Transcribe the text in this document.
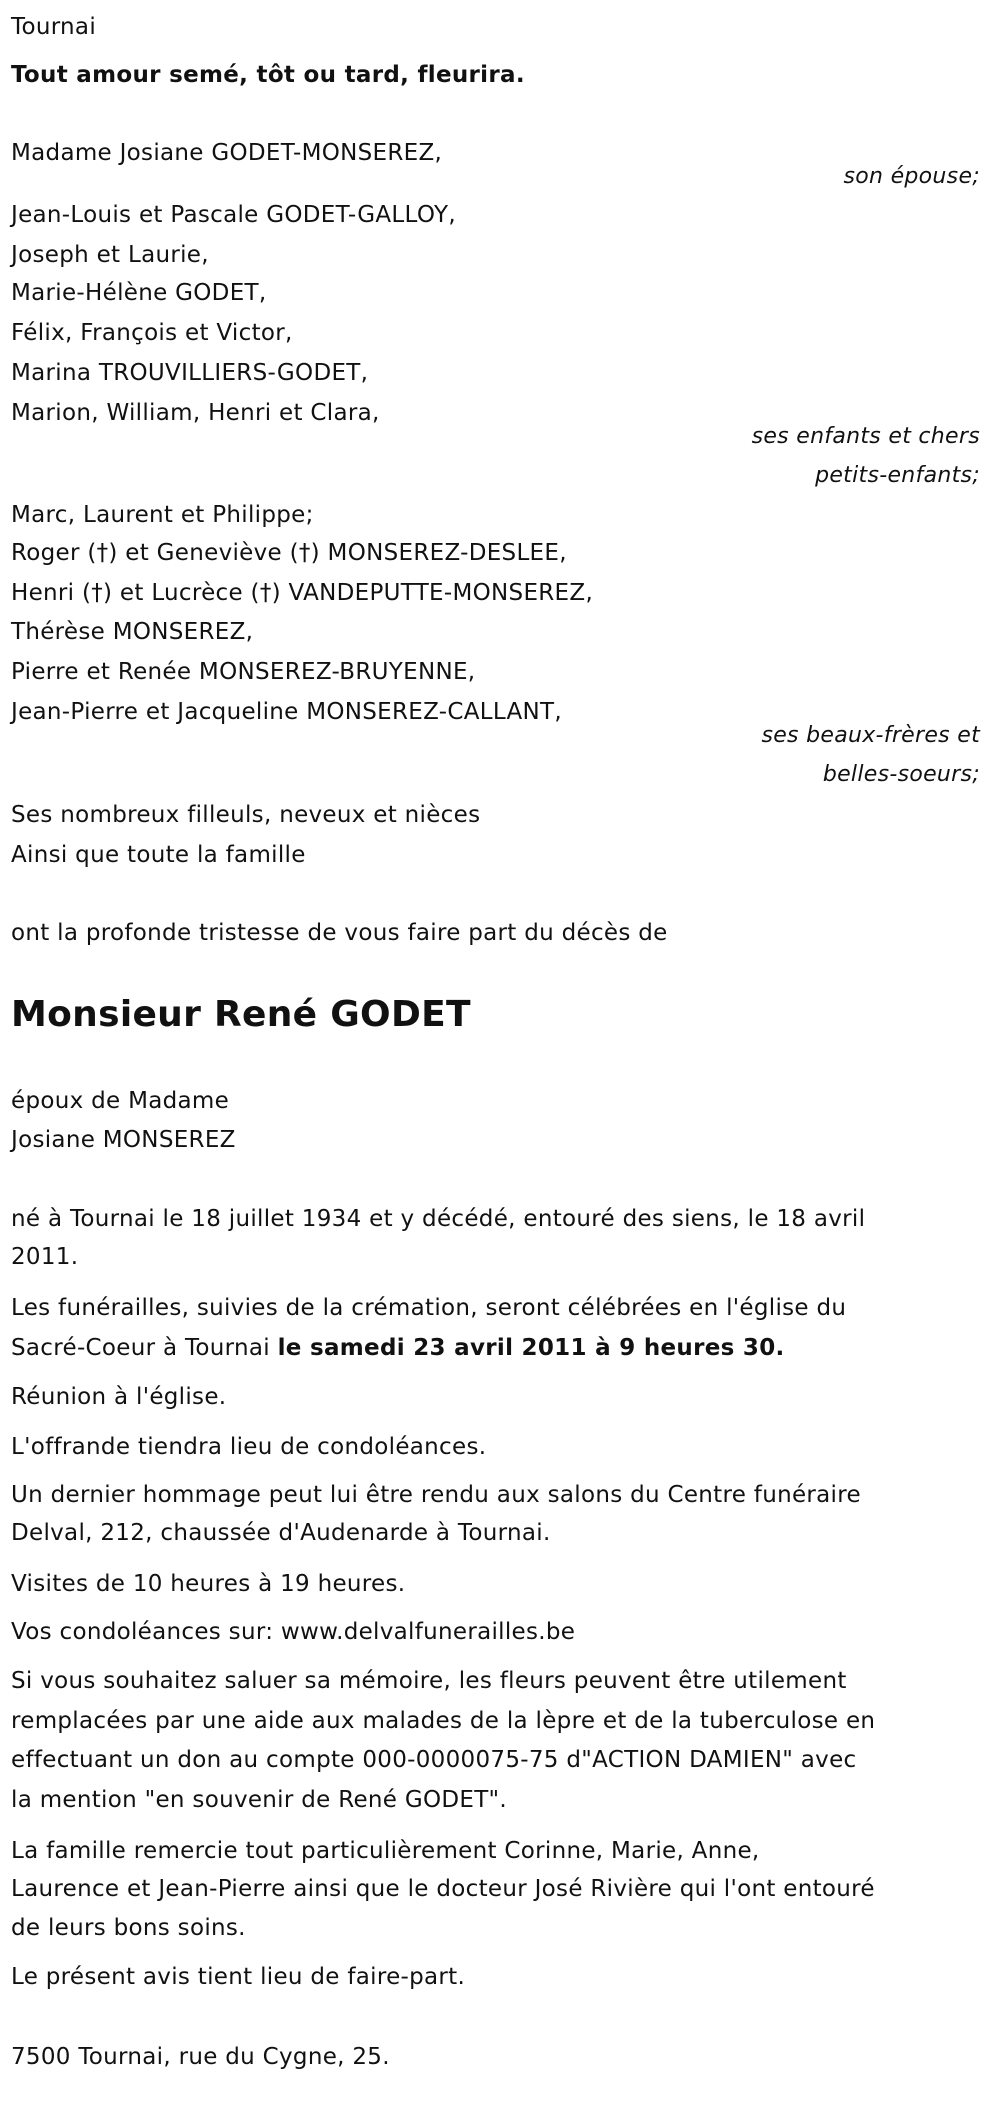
Tournai
Tout amour semé, tôt ou tard, fleurira.
Madame Josiane GODET-MONSEREZ,
son épouse;
Jean-Louis et Pascale GODET-GALLOY,
Joseph et Laurie,
Marie-Hélène GODET,
Félix, François et Victor,
Marina TROUVILLIERS-GODET,
Marion, William, Henri et Clara,
ses enfants et chers
petits-enfants;
Marc, Laurent et Philippe;
Roger (†) et Geneviève (†) MONSEREZ-DESLEE,
Henri (†) et Lucrèce (†) VANDEPUTTE-MONSEREZ,
Thérèse MONSEREZ,
Pierre et Renée MONSEREZ-BRUYENNE,
Jean-Pierre et Jacqueline MONSEREZ-CALLANT,
ses beaux-frères et
belles-soeurs;
Ses nombreux filleuls, neveux et nièces
Ainsi que toute la famille
ont la profonde tristesse de vous faire part du décès de
Monsieur René GODET
époux de Madame
Josiane MONSEREZ
né à Tournai le 18 juillet 1934 et y décédé, entouré des siens, le 18 avril
2011.
Les funérailles, suivies de la crémation, seront célébrées en l'église du
Sacré-Coeur à Tournai le samedi 23 avril 2011 à 9 heures 30.
Réunion à l'église.
L'offrande tiendra lieu de condoléances.
Un dernier hommage peut lui être rendu aux salons du Centre funéraire
Delval, 212, chaussée d'Audenarde à Tournai.
Visites de 10 heures à 19 heures.
Vos condoléances sur: www.delvalfunerailles.be
Si vous souhaitez saluer sa mémoire, les fleurs peuvent être utilement
remplacées par une aide aux malades de la lèpre et de la tuberculose en
effectuant un don au compte 000-0000075-75 d"ACTION DAMIEN" avec
la mention "en souvenir de René GODET".
La famille remercie tout particulièrement Corinne, Marie, Anne,
Laurence et Jean-Pierre ainsi que le docteur José Rivière qui l'ont entouré
de leurs bons soins.
Le présent avis tient lieu de faire-part.
7500 Tournai, rue du Cygne, 25.
